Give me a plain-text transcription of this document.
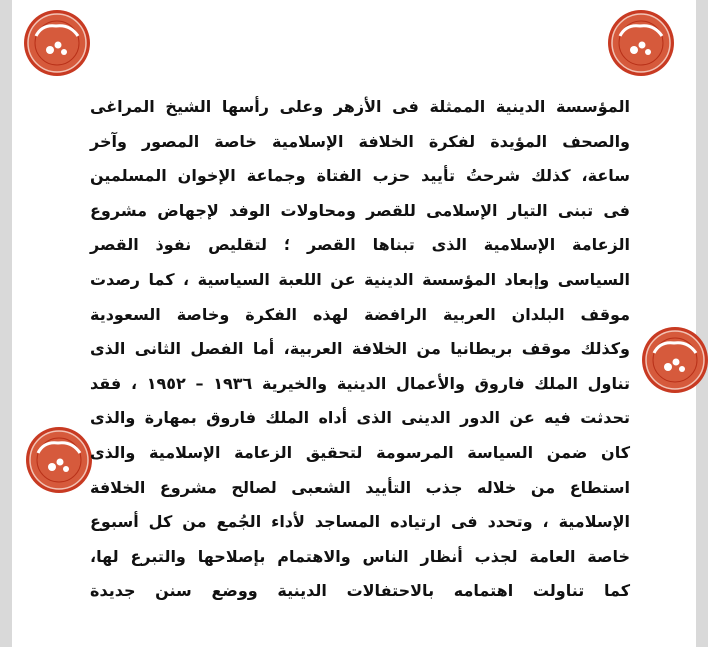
المؤسسة الدينية الممثلة فى الأزهر وعلى رأسها الشيخ المراغى
والصحف المؤيدة لفكرة الخلافة الإسلامية خاصة المصور وآخر
ساعة، كذلك شرحتُ تأييد حزب الفتاة وجماعة الإخوان المسلمين
فى تبنى التيار الإسلامى للقصر ومحاولات الوفد لإجهاض مشروع
الزعامة الإسلامية الذى تبناها القصر ؛ لتقليص نفوذ القصر
السياسى وإبعاد المؤسسة الدينية عن اللعبة السياسية ، كما رصدت
موقف البلدان العربية الرافضة لهذه الفكرة وخاصة السعودية
وكذلك موقف بريطانيا من الخلافة العربية، أما الفصل الثانى الذى
تناول الملك فاروق والأعمال الدينية والخيرية ١٩٣٦ – ١٩٥٢ ، فقد
تحدثت فيه عن الدور الدينى الذى أداه الملك فاروق بمهارة والذى
كان ضمن السياسة المرسومة لتحقيق الزعامة الإسلامية والذى
استطاع من خلاله جذب التأييد الشعبى لصالح مشروع الخلافة
الإسلامية ، وتحدد فى ارتياده المساجد لأداء الجُمع من كل أسبوع
خاصة العامة لجذب أنظار الناس والاهتمام بإصلاحها والتبرع لها،
كما تناولت اهتمامه بالاحتفالات الدينية ووضع سنن جديدة
